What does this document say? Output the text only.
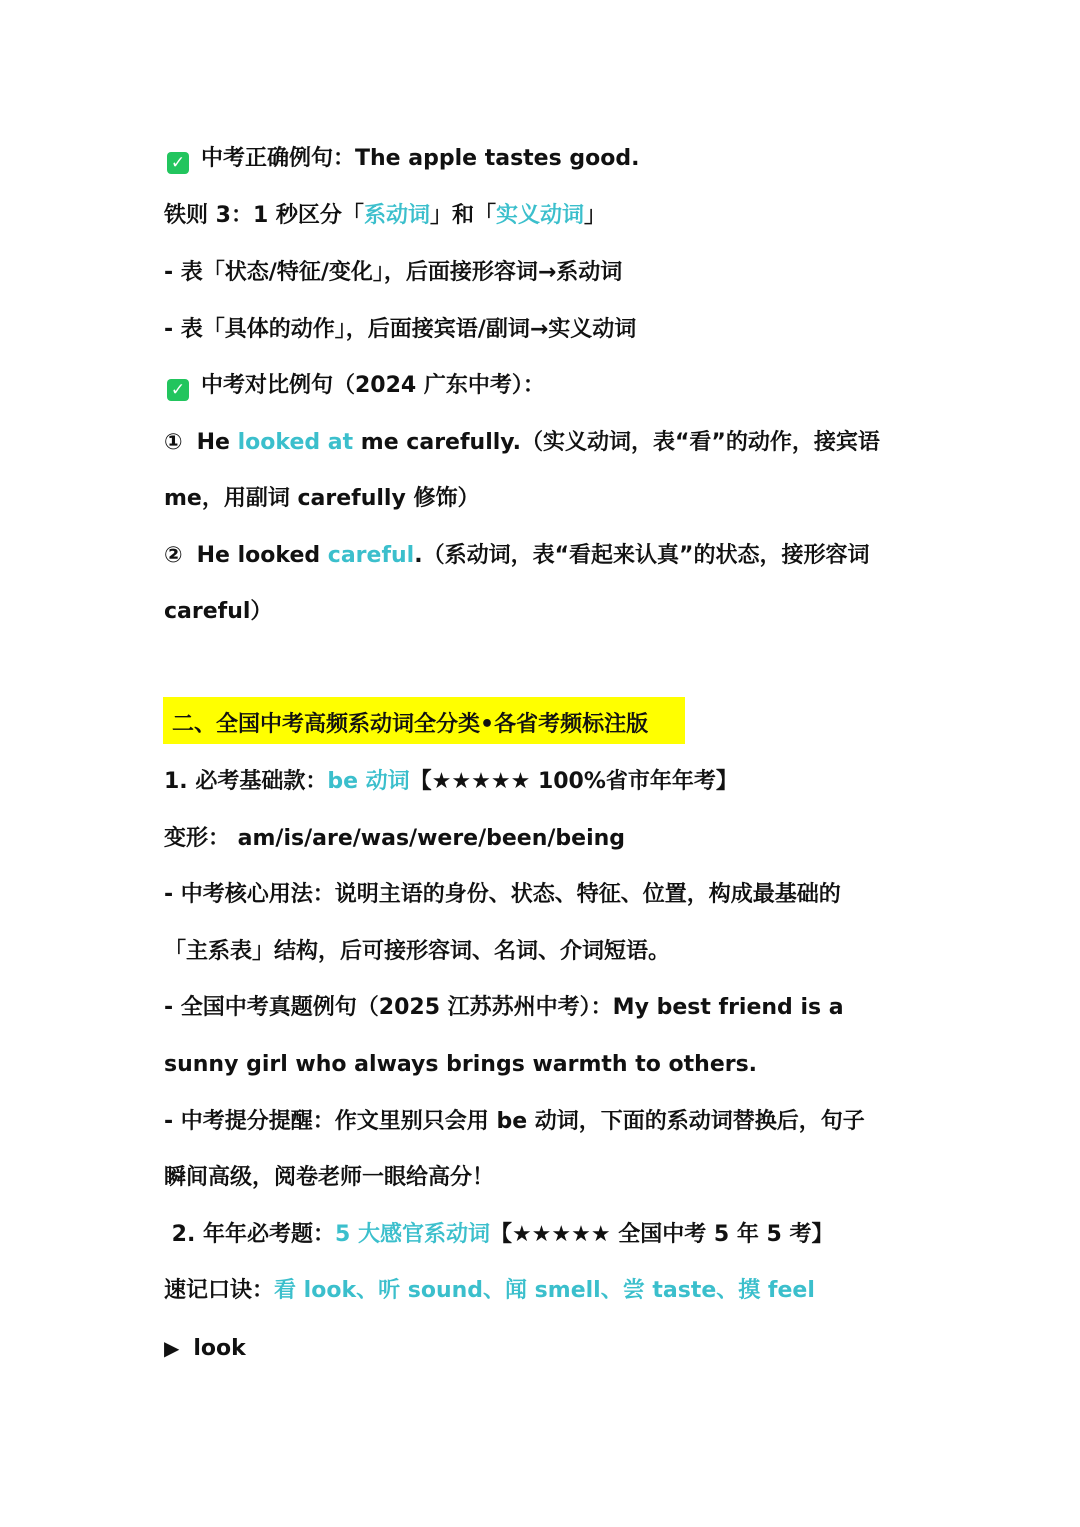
✓ 中考正确例句：The apple tastes good.
铁则 3：1 秒区分「系动词」和「实义动词」
- 表「状态/特征/变化」，后面接形容词→系动词
- 表「具体的动作」，后面接宾语/副词→实义动词
✓ 中考对比例句（2024 广东中考）：
① He looked at me carefully.（实义动词，表“看”的动作，接宾语
me，用副词 carefully 修饰）
② He looked careful.（系动词，表“看起来认真”的状态，接形容词
careful）
二、全国中考高频系动词全分类•各省考频标注版
1. 必考基础款：be 动词【★★★★★ 100%省市年年考】
变形： am/is/are/was/were/been/being
- 中考核心用法：说明主语的身份、状态、特征、位置，构成最基础的
「主系表」结构，后可接形容词、名词、介词短语。
- 全国中考真题例句（2025 江苏苏州中考）：My best friend is a
sunny girl who always brings warmth to others.
- 中考提分提醒：作文里别只会用 be 动词，下面的系动词替换后，句子
瞬间高级，阅卷老师一眼给高分！
2. 年年必考题：5 大感官系动词【★★★★★ 全国中考 5 年 5 考】
速记口诀：看 look、听 sound、闻 smell、尝 taste、摸 feel
▶ look
